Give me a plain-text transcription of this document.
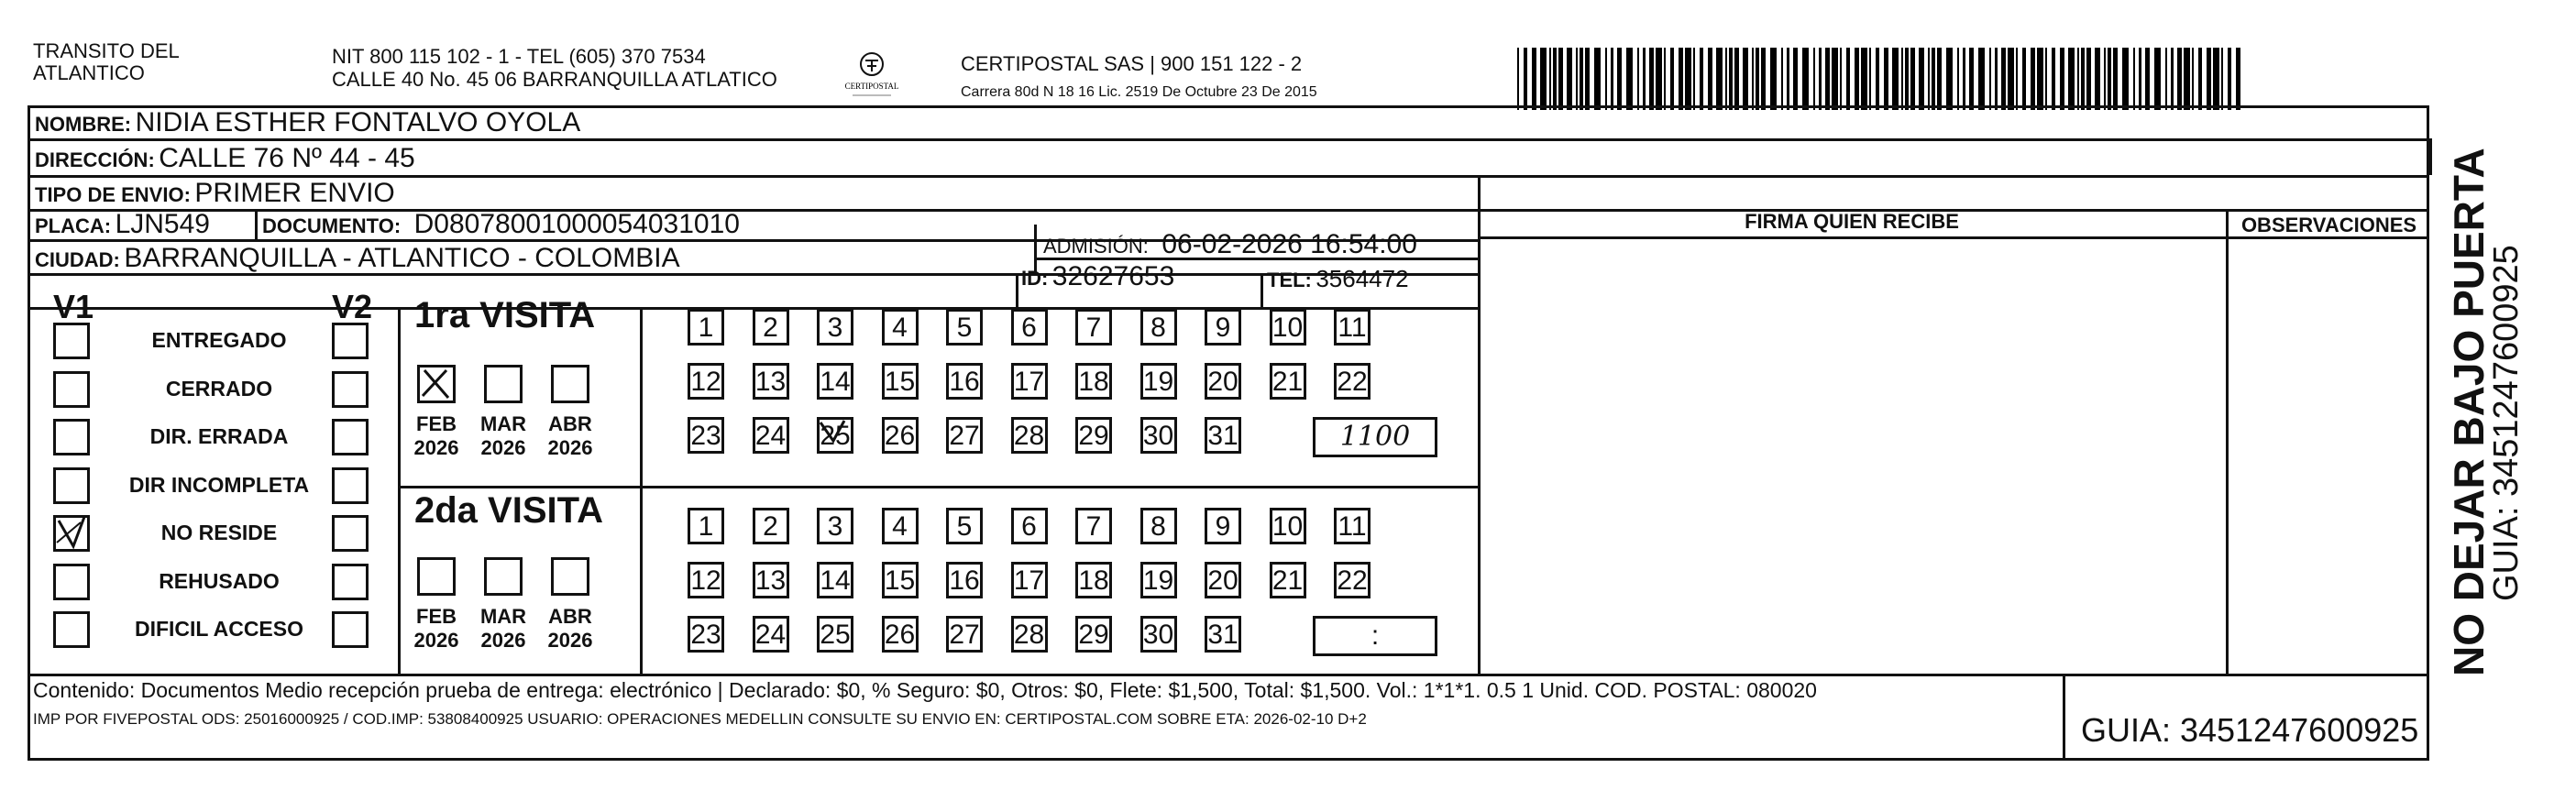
TRANSITO DEL
ATLANTICO
NIT 800 115 102 - 1 - TEL (605) 370 7534
CALLE 40 No. 45 06 BARRANQUILLA ATLATICO	CERTIPOSTAL
CERTIPOSTAL SAS | 900 151 122 - 2
Carrera 80d N 18 16 Lic. 2519 De Octubre 23 De 2015
NOMBRE: NIDIA ESTHER FONTALVO OYOLA
DIRECCIÓN: CALLE 76 Nº 44 - 45
TIPO DE ENVIO: PRIMER ENVIO
PLACA: LJN549	DOCUMENTO: D08078001000054031010
ADMISIÓN: 06-02-2026 16:54:00
CIUDAD: BARRANQUILLA - ATLANTICO - COLOMBIA
ID: 32627653	TEL: 3564472
FIRMA QUIEN RECIBE	OBSERVACIONES
V1	V2
ENTREGADO
CERRADO
DIR. ERRADA
DIR INCOMPLETA
NO RESIDE
REHUSADO
DIFICIL ACCESO
1ra VISITA
2da VISITA
FEB
2026
MAR
2026
ABR
2026
FEB
2026
MAR
2026
ABR
2026
1	2	3	4	5	6	7	8	9	10 11
12 13 14 15 16 17 18 19 20 21 22
23 24 25 26 27 28 29 30 31	1100
1	2	3	4	5	6	7	8	9	10 11
12 13 14 15 16 17 18 19 20 21 22
23 24 25 26 27 28 29 30 31	:
Contenido: Documentos Medio recepción prueba de entrega: electrónico | Declarado: $0, % Seguro: $0, Otros: $0, Flete: $1,500, Total: $1,500. Vol.: 1*1*1. 0.5 1 Unid. COD. POSTAL: 080020
IMP POR FIVEPOSTAL ODS: 25016000925 / COD.IMP: 53808400925 USUARIO: OPERACIONES MEDELLIN CONSULTE SU ENVIO EN: CERTIPOSTAL.COM SOBRE ETA: 2026-02-10 D+2	GUIA: 3451247600925
NO DEJAR BAJO PUERTA
GUIA: 3451247600925
